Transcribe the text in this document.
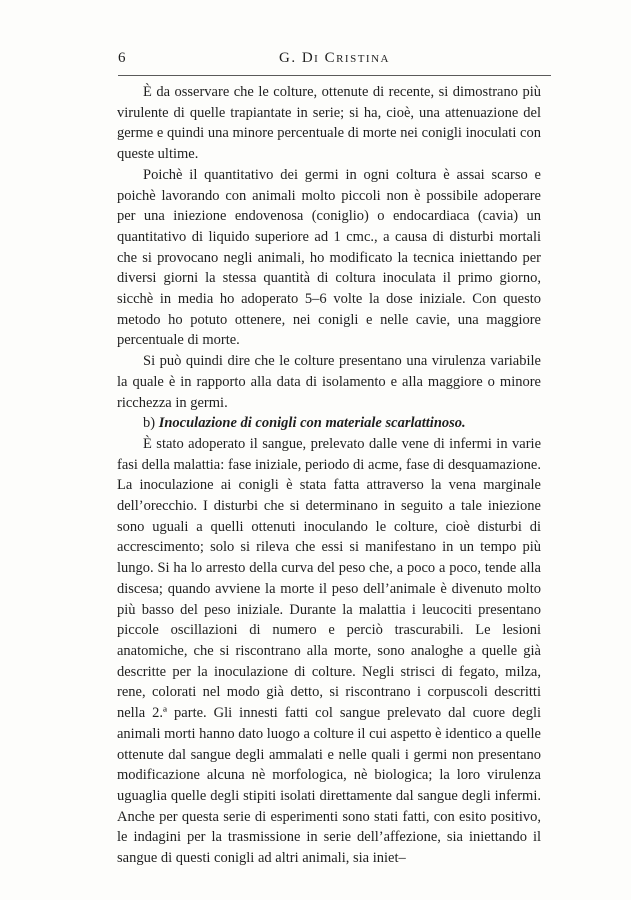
6	G. Di Cristina

È da osservare che le colture, ottenute di recente, si dimostrano più virulente di quelle trapiantate in serie; si ha, cioè, una attenuazione del germe e quindi una minore percentuale di morte nei conigli inoculati con queste ultime.

Poichè il quantitativo dei germi in ogni coltura è assai scarso e poichè lavorando con animali molto piccoli non è possibile adoperare per una iniezione endovenosa (coniglio) o endocardiaca (cavia) un quantitativo di liquido superiore ad 1 cmc., a causa di disturbi mortali che si provocano negli animali, ho modificato la tecnica iniettando per diversi giorni la stessa quantità di coltura inoculata il primo giorno, sicchè in media ho adoperato 5–6 volte la dose iniziale. Con questo metodo ho potuto ottenere, nei conigli e nelle cavie, una maggiore percentuale di morte.

Si può quindi dire che le colture presentano una virulenza variabile la quale è in rapporto alla data di isolamento e alla maggiore o minore ricchezza in germi.

b) Inoculazione di conigli con materiale scarlattinoso.

È stato adoperato il sangue, prelevato dalle vene di infermi in varie fasi della malattia: fase iniziale, periodo di acme, fase di desquamazione. La inoculazione ai conigli è stata fatta attraverso la vena marginale dell’orecchio. I disturbi che si determinano in seguito a tale iniezione sono uguali a quelli ottenuti inoculando le colture, cioè disturbi di accrescimento; solo si rileva che essi si manifestano in un tempo più lungo. Si ha lo arresto della curva del peso che, a poco a poco, tende alla discesa; quando avviene la morte il peso dell’animale è divenuto molto più basso del peso iniziale. Durante la malattia i leucociti presentano piccole oscillazioni di numero e perciò trascurabili. Le lesioni anatomiche, che si riscontrano alla morte, sono analoghe a quelle già descritte per la inoculazione di colture. Negli strisci di fegato, milza, rene, colorati nel modo già detto, si riscontrano i corpuscoli descritti nella 2.ª parte. Gli innesti fatti col sangue prelevato dal cuore degli animali morti hanno dato luogo a colture il cui aspetto è identico a quelle ottenute dal sangue degli ammalati e nelle quali i germi non presentano modificazione alcuna nè morfologica, nè biologica; la loro virulenza uguaglia quelle degli stipiti isolati direttamente dal sangue degli infermi. Anche per questa serie di esperimenti sono stati fatti, con esito positivo, le indagini per la trasmissione in serie dell’affezione, sia iniettando il sangue di questi conigli ad altri animali, sia iniet–
